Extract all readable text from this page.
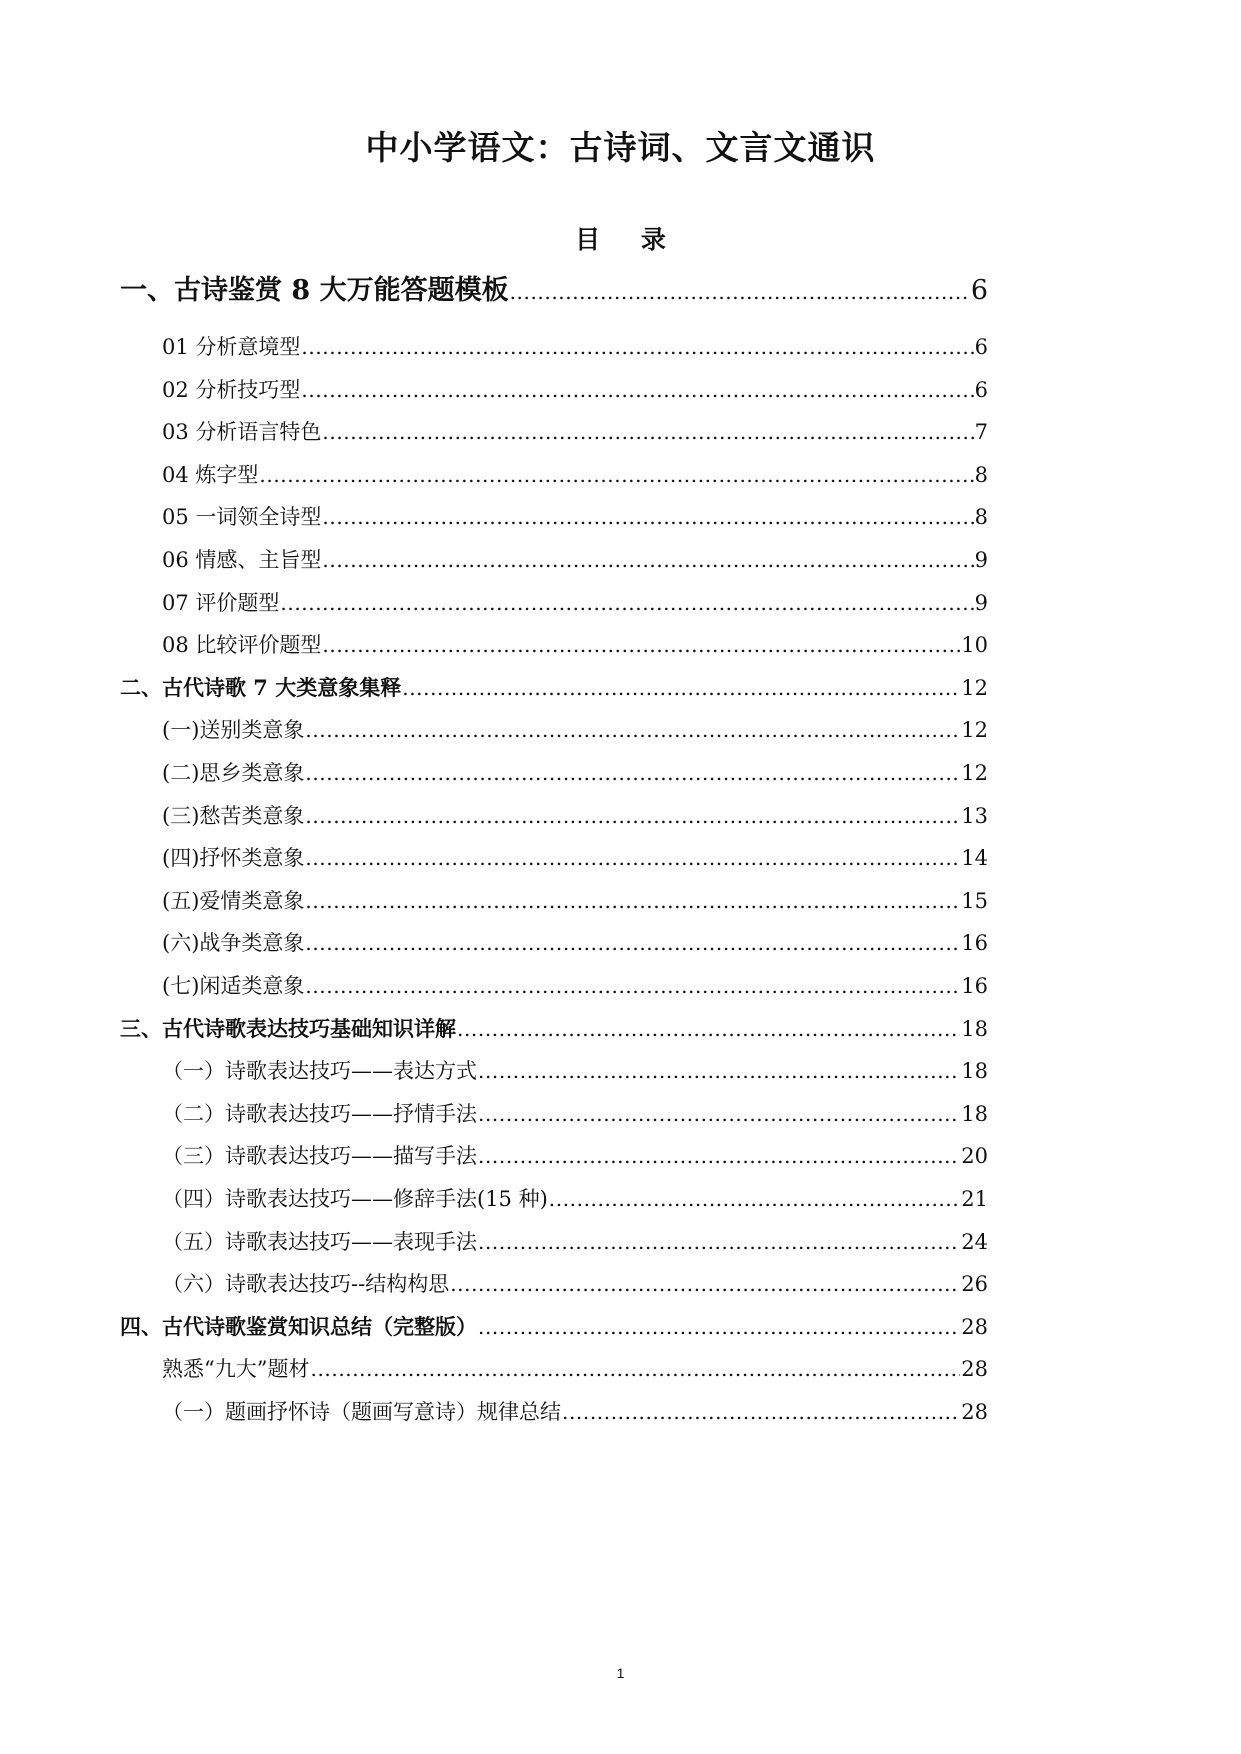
中小学语文：古诗词、文言文通识
目 录
一、古诗鉴赏 8 大万能答题模板 .....	6
01 分析意境型 .....	6
02 分析技巧型 .....	6
03 分析语言特色 .....	7
04 炼字型 .....	8
05 一词领全诗型 .....	8
06 情感、主旨型 .....	9
07 评价题型 .....	9
08 比较评价题型 .....	10
二、古代诗歌 7 大类意象集释 .....	12
(一)送别类意象 .....	12
(二)思乡类意象 .....	12
(三)愁苦类意象 .....	13
(四)抒怀类意象 .....	14
(五)爱情类意象 .....	15
(六)战争类意象 .....	16
(七)闲适类意象 .....	16
三、古代诗歌表达技巧基础知识详解 .....	18
（一）诗歌表达技巧——表达方式 .....	18
（二）诗歌表达技巧——抒情手法 .....	18
（三）诗歌表达技巧——描写手法 .....	20
（四）诗歌表达技巧——修辞手法(15 种) .....	21
（五）诗歌表达技巧——表现手法 .....	24
（六）诗歌表达技巧--结构构思 .....	26
四、古代诗歌鉴赏知识总结（完整版） .....	28
熟悉“九大”题材 .....	28
（一）题画抒怀诗（题画写意诗）规律总结 .....	28
1
